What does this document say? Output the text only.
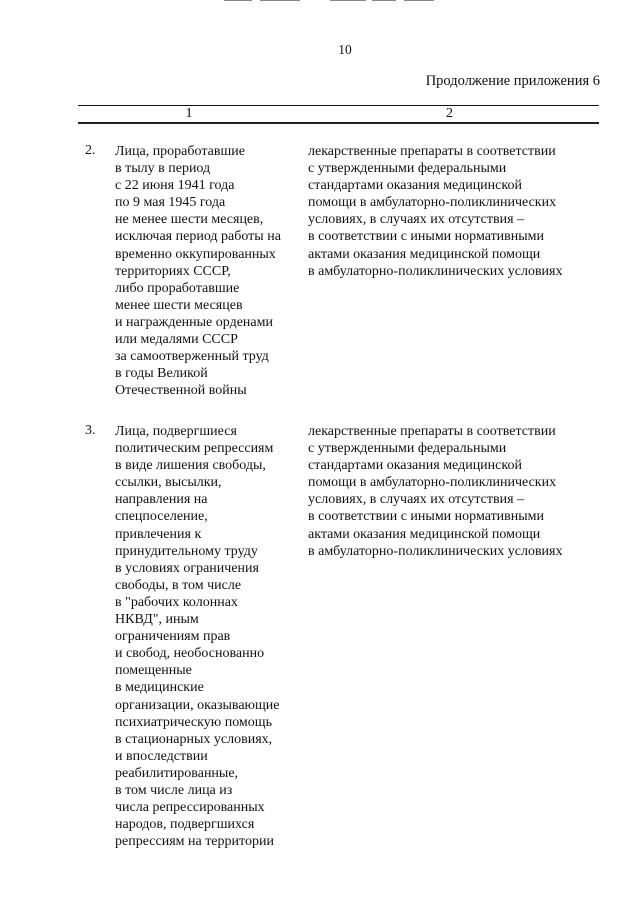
10
Продолжение приложения 6
1	2
2. Лица, проработавшие
в тылу в период
с 22 июня 1941 года
по 9 мая 1945 года
не менее шести месяцев,
исключая период работы на
временно оккупированных
территориях СССР,
либо проработавшие
менее шести месяцев
и награжденные орденами
или медалями СССР
за самоотверженный труд
в годы Великой
Отечественной войны
лекарственные препараты в соответствии
с утвержденными федеральными
стандартами оказания медицинской
помощи в амбулаторно-поликлинических
условиях, в случаях их отсутствия –
в соответствии с иными нормативными
актами оказания медицинской помощи
в амбулаторно-поликлинических условиях
3. Лица, подвергшиеся
политическим репрессиям
в виде лишения свободы,
ссылки, высылки,
направления на
спецпоселение,
привлечения к
принудительному труду
в условиях ограничения
свободы, в том числе
в "рабочих колоннах
НКВД", иным
ограничениям прав
и свобод, необоснованно
помещенные
в медицинские
организации, оказывающие
психиатрическую помощь
в стационарных условиях,
и впоследствии
реабилитированные,
в том числе лица из
числа репрессированных
народов, подвергшихся
репрессиям на территории
лекарственные препараты в соответствии
с утвержденными федеральными
стандартами оказания медицинской
помощи в амбулаторно-поликлинических
условиях, в случаях их отсутствия –
в соответствии с иными нормативными
актами оказания медицинской помощи
в амбулаторно-поликлинических условиях
